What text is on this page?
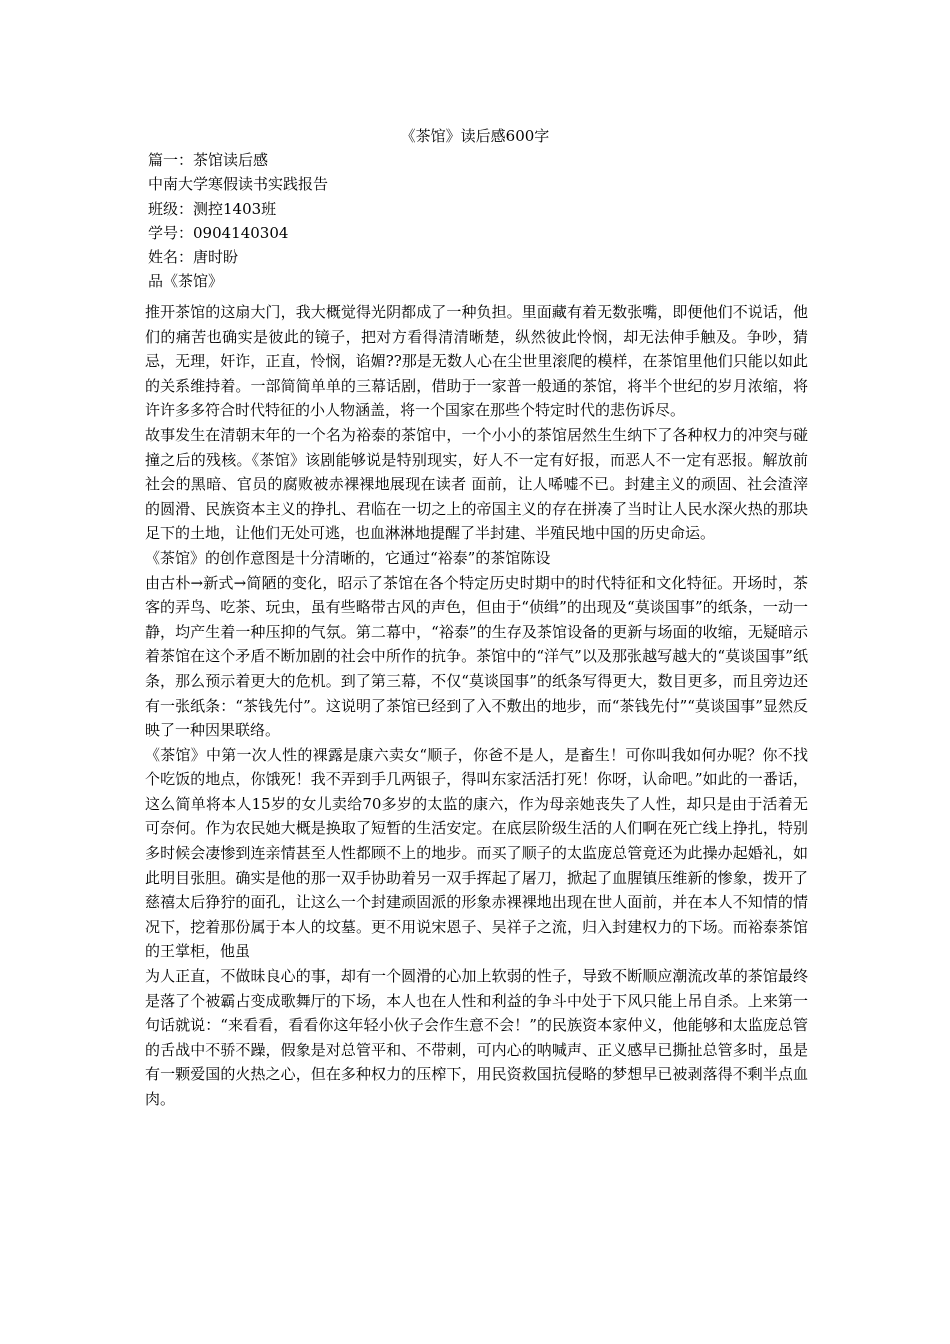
《茶馆》读后感600字
篇一：茶馆读后感
中南大学寒假读书实践报告
班级：测控1403班
学号：0904140304
姓名：唐时盼
品《茶馆》

推开茶馆的这扇大门，我大概觉得光阴都成了一种负担。里面藏有着无数张嘴，即便他们不说话，他们的痛苦也确实是彼此的镜子，把对方看得清清晰楚，纵然彼此怜悯，却无法伸手触及。争吵，猜忌，无理，奸诈，正直，怜悯，谄媚??那是无数人心在尘世里滚爬的模样，在茶馆里他们只能以如此的关系维持着。一部简简单单的三幕话剧，借助于一家普一般通的茶馆，将半个世纪的岁月浓缩，将许许多多符合时代特征的小人物涵盖，将一个国家在那些个特定时代的悲伤诉尽。

故事发生在清朝末年的一个名为裕泰的茶馆中，一个小小的茶馆居然生生纳下了各种权力的冲突与碰撞之后的残核。《茶馆》该剧能够说是特别现实，好人不一定有好报，而恶人不一定有恶报。解放前社会的黑暗、官员的腐败被赤裸裸地展现在读者 面前，让人唏嘘不已。封建主义的顽固、社会渣滓的圆滑、民族资本主义的挣扎、君临在一切之上的帝国主义的存在拼凑了当时让人民水深火热的那块足下的土地，让他们无处可逃，也血淋淋地提醒了半封建、半殖民地中国的历史命运。

《茶馆》的创作意图是十分清晰的，它通过“裕泰”的茶馆陈设

由古朴→新式→简陋的变化，昭示了茶馆在各个特定历史时期中的时代特征和文化特征。开场时，茶客的弄鸟、吃茶、玩虫，虽有些略带古风的声色，但由于“侦缉”的出现及“莫谈国事”的纸条，一动一静，均产生着一种压抑的气氛。第二幕中，“裕泰”的生存及茶馆设备的更新与场面的收缩，无疑暗示着茶馆在这个矛盾不断加剧的社会中所作的抗争。茶馆中的“洋气”以及那张越写越大的“莫谈国事”纸条，那么预示着更大的危机。到了第三幕，不仅“莫谈国事”的纸条写得更大，数目更多，而且旁边还有一张纸条：“茶钱先付”。这说明了茶馆已经到了入不敷出的地步，而“茶钱先付”“莫谈国事”显然反映了一种因果联络。

《茶馆》中第一次人性的裸露是康六卖女“顺子，你爸不是人，是畜生！可你叫我如何办呢？你不找个吃饭的地点，你饿死！我不弄到手几两银子，得叫东家活活打死！你呀，认命吧。”如此的一番话，这么简单将本人15岁的女儿卖给70多岁的太监的康六，作为母亲她丧失了人性，却只是由于活着无可奈何。作为农民她大概是换取了短暂的生活安定。在底层阶级生活的人们啊在死亡线上挣扎，特别多时候会凄惨到连亲情甚至人性都顾不上的地步。而买了顺子的太监庞总管竟还为此操办起婚礼，如此明目张胆。确实是他的那一双手协助着另一双手挥起了屠刀，掀起了血腥镇压维新的惨象，拨开了慈禧太后狰狞的面孔，让这么一个封建顽固派的形象赤裸裸地出现在世人面前，并在本人不知情的情况下，挖着那份属于本人的坟墓。更不用说宋恩子、吴祥子之流，归入封建权力的下场。而裕泰茶馆的王掌柜，他虽

为人正直，不做昧良心的事，却有一个圆滑的心加上软弱的性子，导致不断顺应潮流改革的茶馆最终是落了个被霸占变成歌舞厅的下场，本人也在人性和利益的争斗中处于下风只能上吊自杀。上来第一句话就说：“来看看，看看你这年轻小伙子会作生意不会！”的民族资本家仲义，他能够和太监庞总管的舌战中不骄不躁，假象是对总管平和、不带刺，可内心的呐喊声、正义感早已撕扯总管多时，虽是有一颗爱国的火热之心，但在多种权力的压榨下，用民资救国抗侵略的梦想早已被剥落得不剩半点血肉。
